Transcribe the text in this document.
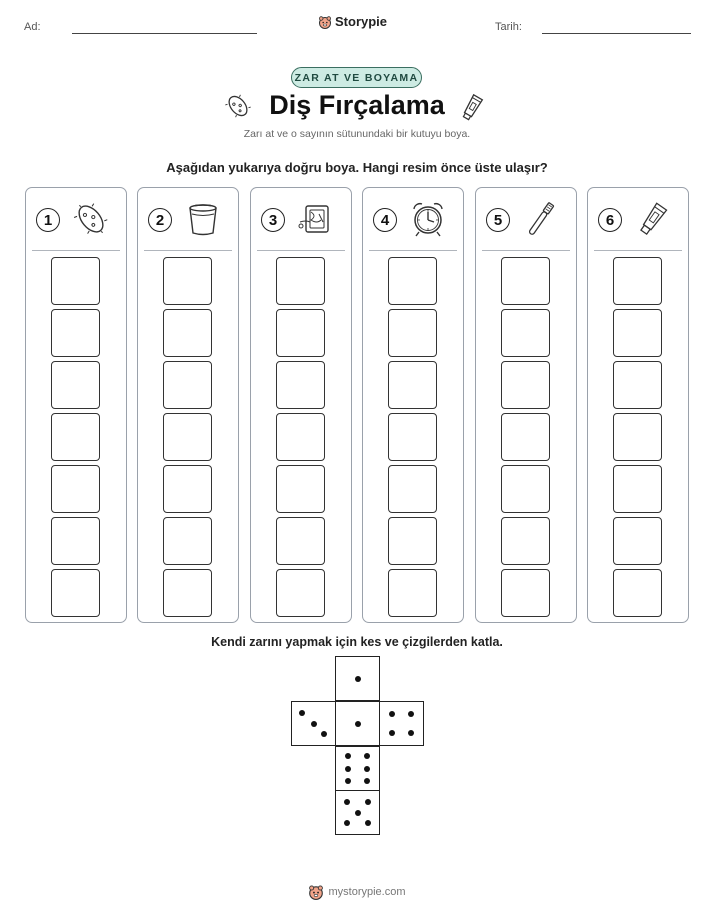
Ad:	Storypie	Tarih:
ZAR AT VE BOYAMA
Diş Fırçalama
Zarı at ve o sayının sütunundaki bir kutuyu boya.
Aşağıdan yukarıya doğru boya. Hangi resim önce üste ulaşır?
1	2	3	4	5	6
Kendi zarını yapmak için kes ve çizgilerden katla.
mystorypie.com
